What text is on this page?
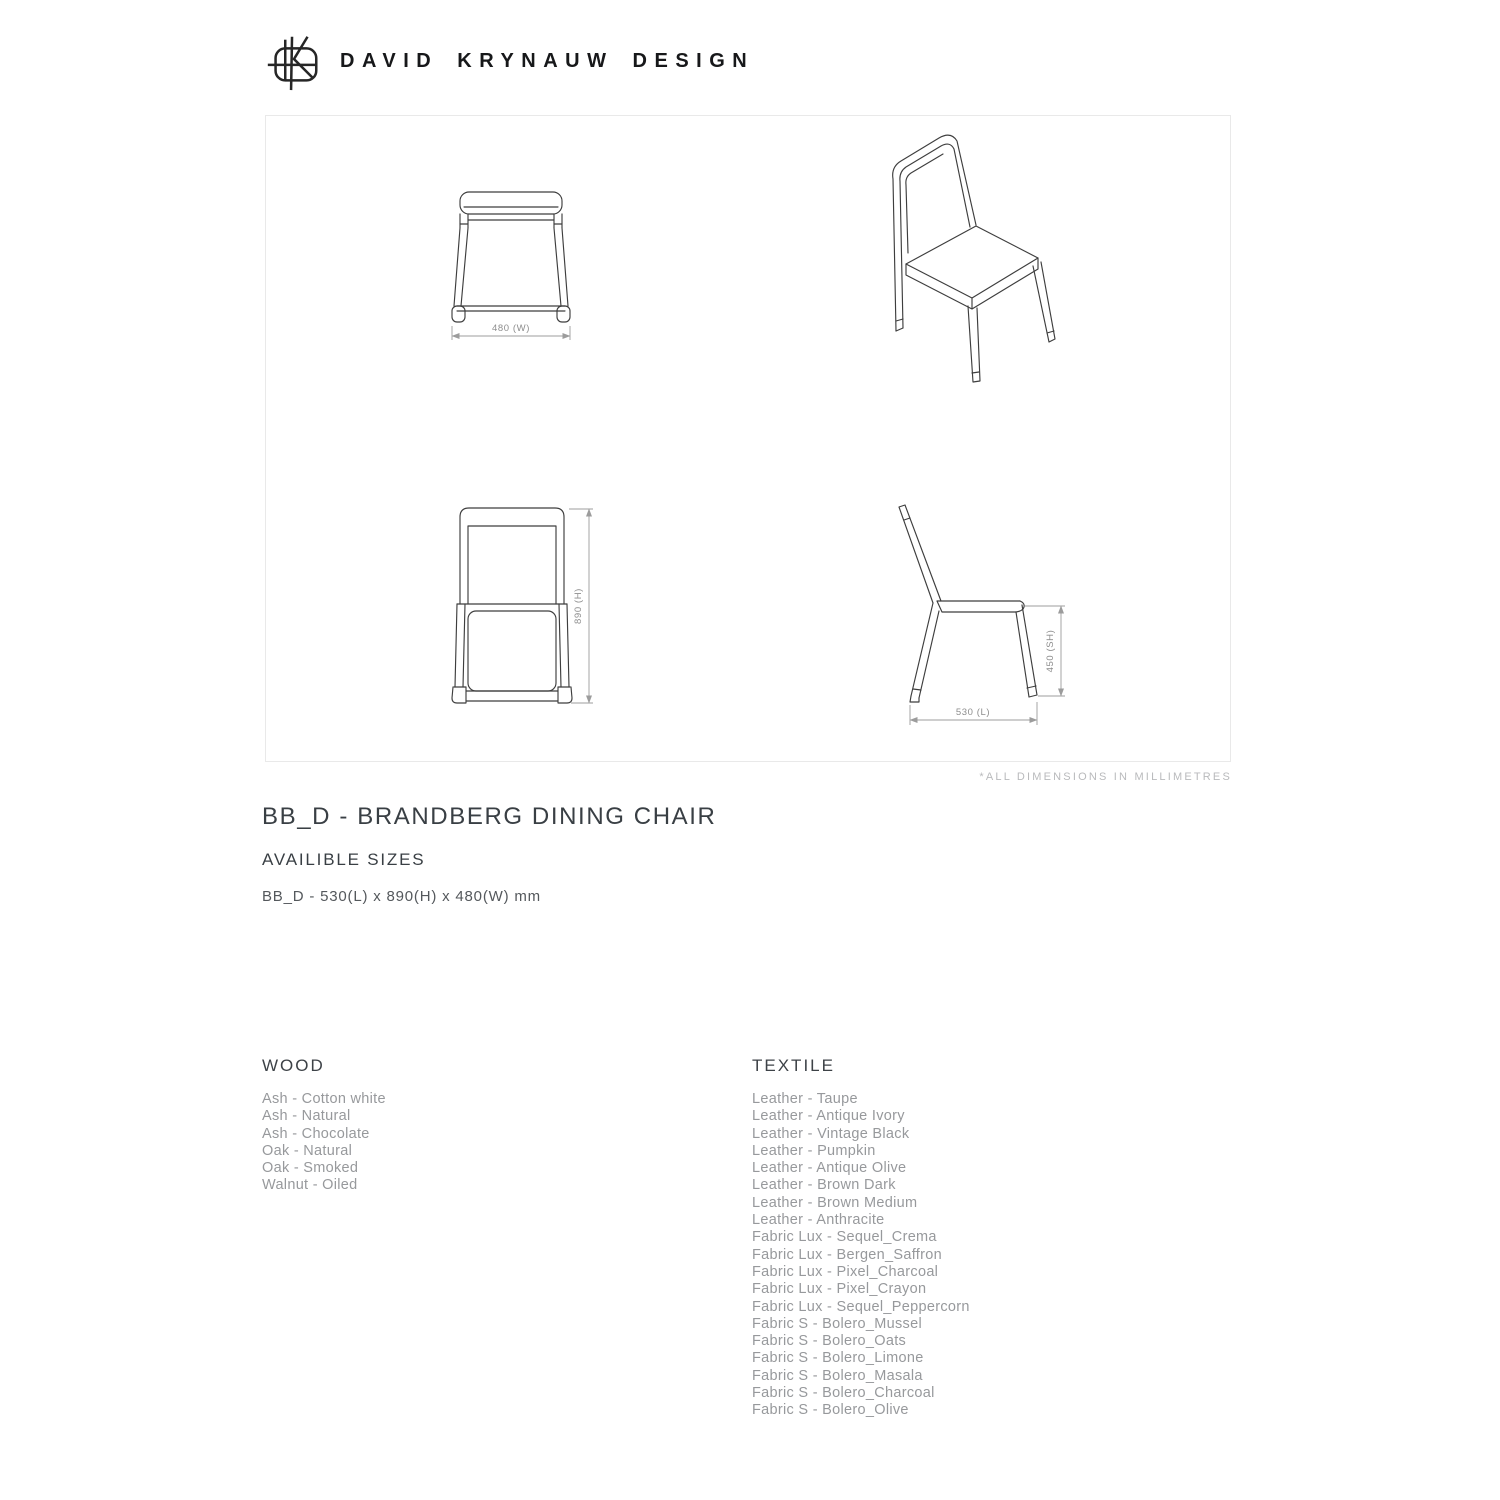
DAVID KRYNAUW DESIGN
480 (W)
890 (H)
530 (L)
450 (SH)
*ALL DIMENSIONS IN MILLIMETRES
BB_D - BRANDBERG DINING CHAIR
AVAILIBLE SIZES

BB_D - 530(L) x 890(H) x 480(W) mm

WOOD
Ash - Cotton white
Ash - Natural
Ash - Chocolate
Oak - Natural
Oak - Smoked
Walnut - Oiled
TEXTILE
Leather - Taupe
Leather - Antique Ivory
Leather - Vintage Black
Leather - Pumpkin
Leather - Antique Olive
Leather - Brown Dark
Leather - Brown Medium
Leather - Anthracite
Fabric Lux - Sequel_Crema
Fabric Lux - Bergen_Saffron
Fabric Lux - Pixel_Charcoal
Fabric Lux - Pixel_Crayon
Fabric Lux - Sequel_Peppercorn
Fabric S - Bolero_Mussel
Fabric S - Bolero_Oats
Fabric S - Bolero_Limone
Fabric S - Bolero_Masala
Fabric S - Bolero_Charcoal
Fabric S - Bolero_Olive
